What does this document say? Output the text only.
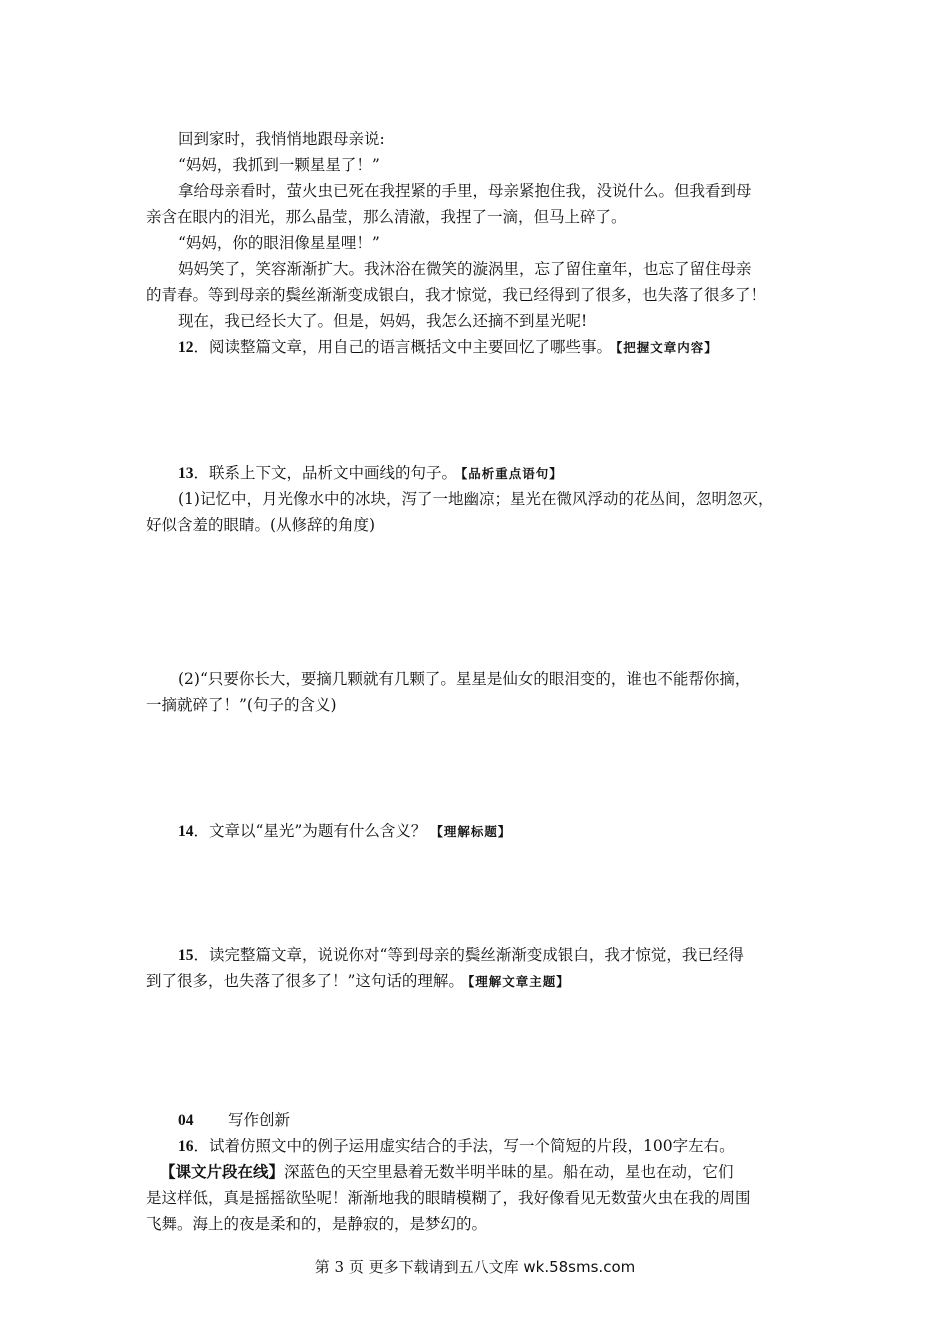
回到家时，我悄悄地跟母亲说:
“妈妈，我抓到一颗星星了！”
拿给母亲看时，萤火虫已死在我捏紧的手里，母亲紧抱住我，没说什么。但我看到母
亲含在眼内的泪光，那么晶莹，那么清澈，我捏了一滴，但马上碎了。
“妈妈，你的眼泪像星星哩！”
妈妈笑了，笑容渐渐扩大。我沐浴在微笑的漩涡里，忘了留住童年，也忘了留住母亲
的青春。等到母亲的鬓丝渐渐变成银白，我才惊觉，我已经得到了很多，也失落了很多了！
现在，我已经长大了。但是，妈妈，我怎么还摘不到星光呢!
12．阅读整篇文章，用自己的语言概括文中主要回忆了哪些事。 【把握文章内容】
13．联系上下文，品析文中画线的句子。 【品析重点语句】
(1)记忆中，月光像水中的冰块，泻了一地幽凉；星光在微风浮动的花丛间，忽明忽灭，
好似含羞的眼睛。(从修辞的角度)
(2)“只要你长大，要摘几颗就有几颗了。星星是仙女的眼泪变的，谁也不能帮你摘，
一摘就碎了！”(句子的含义)
14．文章以“星光”为题有什么含义？ 【理解标题】
15．读完整篇文章，说说你对“等到母亲的鬓丝渐渐变成银白，我才惊觉，我已经得
到了很多，也失落了很多了！”这句话的理解。 【理解文章主题】
04 写作创新
16．试着仿照文中的例子运用虚实结合的手法，写一个简短的片段，100字左右。
【课文片段在线】深蓝色的天空里悬着无数半明半昧的星。船在动，星也在动，它们
是这样低，真是摇摇欲坠呢！渐渐地我的眼睛模糊了，我好像看见无数萤火虫在我的周围
飞舞。海上的夜是柔和的，是静寂的，是梦幻的。
第 3 页 更多下载请到五八文库 wk.58sms.com
